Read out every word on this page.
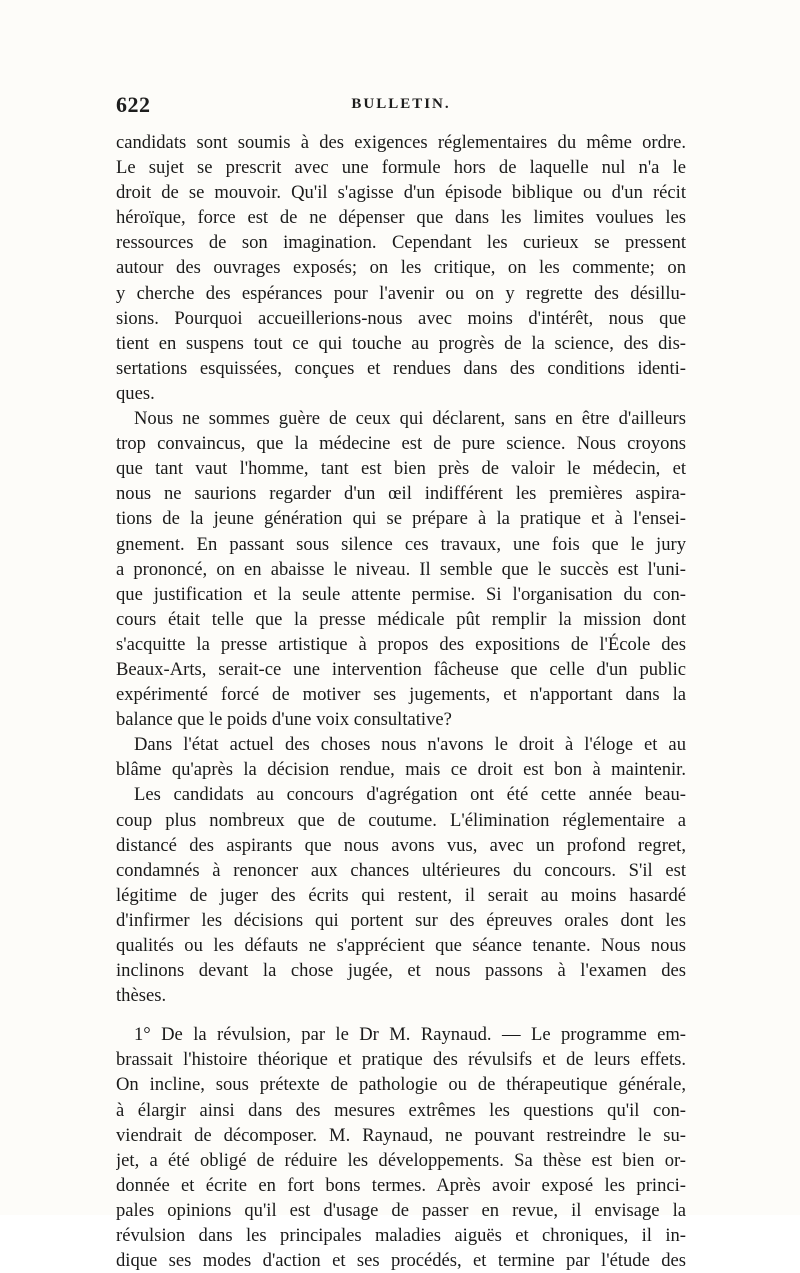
622	BULLETIN.
candidats sont soumis à des exigences réglementaires du même ordre.
Le sujet se prescrit avec une formule hors de laquelle nul n'a le
droit de se mouvoir. Qu'il s'agisse d'un épisode biblique ou d'un récit
héroïque, force est de ne dépenser que dans les limites voulues les
ressources de son imagination. Cependant les curieux se pressent
autour des ouvrages exposés; on les critique, on les commente; on
y cherche des espérances pour l'avenir ou on y regrette des désillu-
sions. Pourquoi accueillerions-nous avec moins d'intérêt, nous que
tient en suspens tout ce qui touche au progrès de la science, des dis-
sertations esquissées, conçues et rendues dans des conditions identi-
ques.
Nous ne sommes guère de ceux qui déclarent, sans en être d'ailleurs
trop convaincus, que la médecine est de pure science. Nous croyons
que tant vaut l'homme, tant est bien près de valoir le médecin, et
nous ne saurions regarder d'un œil indifférent les premières aspira-
tions de la jeune génération qui se prépare à la pratique et à l'ensei-
gnement. En passant sous silence ces travaux, une fois que le jury
a prononcé, on en abaisse le niveau. Il semble que le succès est l'uni-
que justification et la seule attente permise. Si l'organisation du con-
cours était telle que la presse médicale pût remplir la mission dont
s'acquitte la presse artistique à propos des expositions de l'École des
Beaux-Arts, serait-ce une intervention fâcheuse que celle d'un public
expérimenté forcé de motiver ses jugements, et n'apportant dans la
balance que le poids d'une voix consultative?
Dans l'état actuel des choses nous n'avons le droit à l'éloge et au
blâme qu'après la décision rendue, mais ce droit est bon à maintenir.
Les candidats au concours d'agrégation ont été cette année beau-
coup plus nombreux que de coutume. L'élimination réglementaire a
distancé des aspirants que nous avons vus, avec un profond regret,
condamnés à renoncer aux chances ultérieures du concours. S'il est
légitime de juger des écrits qui restent, il serait au moins hasardé
d'infirmer les décisions qui portent sur des épreuves orales dont les
qualités ou les défauts ne s'apprécient que séance tenante. Nous nous
inclinons devant la chose jugée, et nous passons à l'examen des
thèses.
1° De la révulsion, par le Dr M. Raynaud. — Le programme em-
brassait l'histoire théorique et pratique des révulsifs et de leurs effets.
On incline, sous prétexte de pathologie ou de thérapeutique générale,
à élargir ainsi dans des mesures extrêmes les questions qu'il con-
viendrait de décomposer. M. Raynaud, ne pouvant restreindre le su-
jet, a été obligé de réduire les développements. Sa thèse est bien or-
donnée et écrite en fort bons termes. Après avoir exposé les princi-
pales opinions qu'il est d'usage de passer en revue, il envisage la
révulsion dans les principales maladies aiguës et chroniques, il in-
dique ses modes d'action et ses procédés, et termine par l'étude des
